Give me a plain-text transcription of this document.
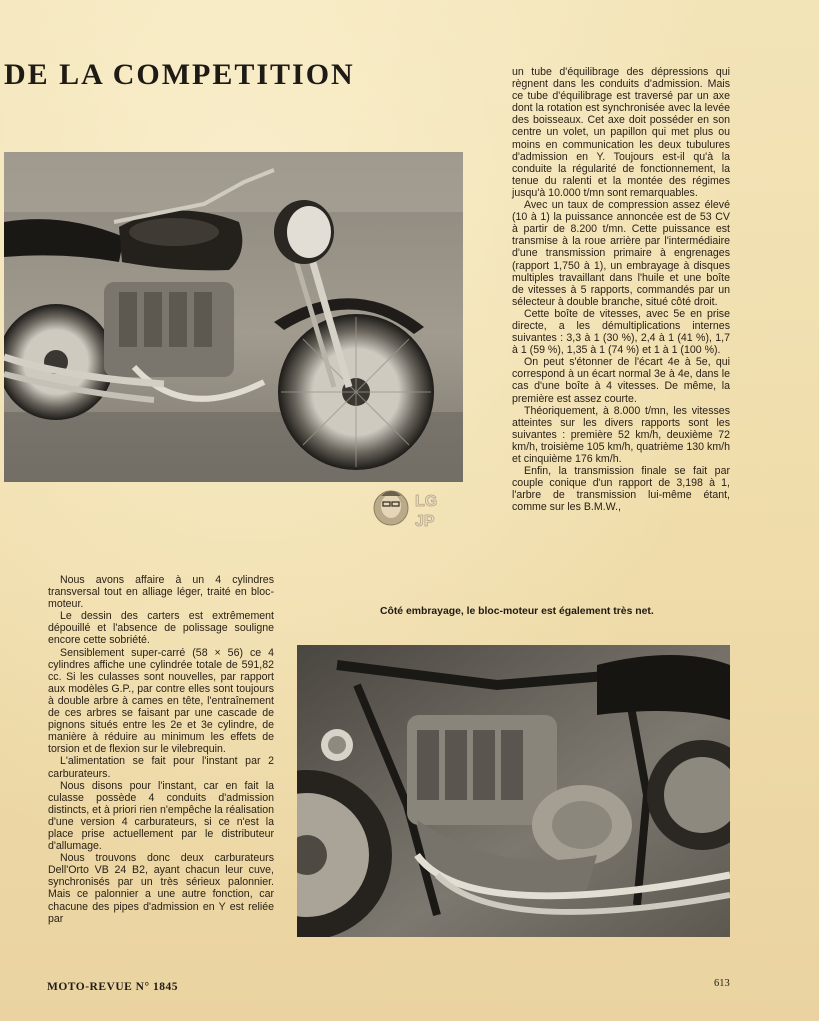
DE LA COMPETITION	un tube d'équilibrage des dépressions qui règnent dans les conduits d'admission. Mais ce tube d'équilibrage est traversé par un axe dont la rotation est synchronisée avec la levée des boisseaux. Cet axe doit posséder en son centre un volet, un papillon qui met plus ou moins en communication les deux tubulures d'admission en Y. Toujours est-il qu'à la conduite la régularité de fonctionnement, la tenue du ralenti et la montée des régimes jusqu'à 10.000 t/mn sont remarquables.

Avec un taux de compression assez élevé (10 à 1) la puissance annoncée est de 53 CV à partir de 8.200 t/mn. Cette puissance est transmise à la roue arrière par l'intermédiaire d'une transmission primaire à engrenages (rapport 1,750 à 1), un embrayage à disques multiples travaillant dans l'huile et une boîte de vitesses à 5 rapports, commandés par un sélecteur à double branche, situé côté droit.

Cette boîte de vitesses, avec 5e en prise directe, a les démultiplications internes suivantes : 3,3 à 1 (30 %), 2,4 à 1 (41 %), 1,7 à 1 (59 %), 1,35 à 1 (74 %) et 1 à 1 (100 %).

On peut s'étonner de l'écart 4e à 5e, qui correspond à un écart normal 3e à 4e, dans le cas d'une boîte à 4 vitesses. De même, la première est assez courte.

Théoriquement, à 8.000 t/mn, les vitesses atteintes sur les divers rapports sont les suivantes : première 52 km/h, deuxième 72 km/h, troisième 105 km/h, quatrième 130 km/h et cinquième 176 km/h.

Enfin, la transmission finale se fait par couple conique d'un rapport de 3,198 à 1, l'arbre de transmission lui-même étant, comme sur les B.M.W.,

LG
JP

Nous avons affaire à un 4 cylindres transversal tout en alliage léger, traité en bloc-moteur.

Le dessin des carters est extrêmement dépouillé et l'absence de polissage souligne encore cette sobriété.

Sensiblement super-carré (58 × 56) ce 4 cylindres affiche une cylindrée totale de 591,82 cc. Si les culasses sont nouvelles, par rapport aux modèles G.P., par contre elles sont toujours à double arbre à cames en tête, l'entraînement de ces arbres se faisant par une cascade de pignons situés entre les 2e et 3e cylindre, de manière à réduire au minimum les effets de torsion et de flexion sur le vilebrequin.

L'alimentation se fait pour l'instant par 2 carburateurs.

Nous disons pour l'instant, car en fait la culasse possède 4 conduits d'admission distincts, et à priori rien n'empêche la réalisation d'une version 4 carburateurs, si ce n'est la place prise actuellement par le distributeur d'allumage.

Nous trouvons donc deux carburateurs Dell'Orto VB 24 B2, ayant chacun leur cuve, synchronisés par un très sérieux palonnier. Mais ce palonnier a une autre fonction, car chacune des pipes d'admission en Y est reliée par

Côté embrayage, le bloc-moteur est également très net.
MOTO-REVUE N° 1845	613
